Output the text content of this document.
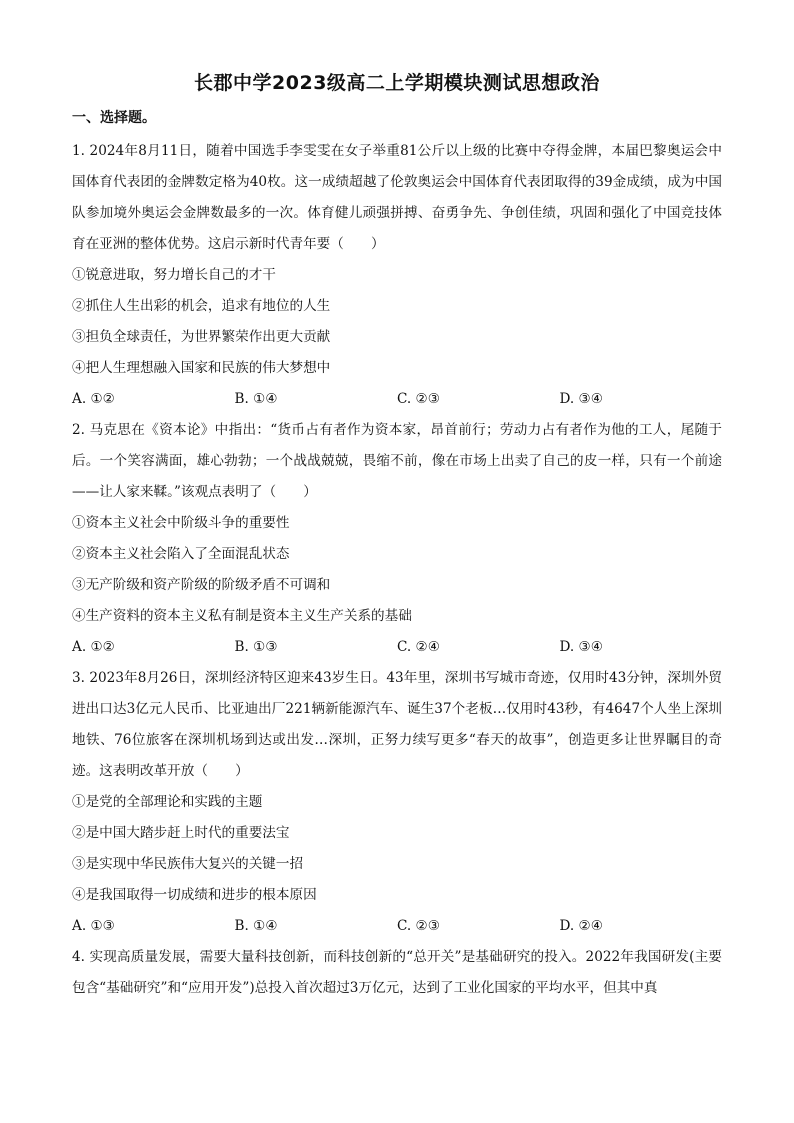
长郡中学2023级高二上学期模块测试思想政治
一、选择题。

1. 2024年8月11日，随着中国选手李雯雯在女子举重81公斤以上级的比赛中夺得金牌，本届巴黎奥运会中国体育代表团的金牌数定格为40枚。这一成绩超越了伦敦奥运会中国体育代表团取得的39金成绩，成为中国队参加境外奥运会金牌数最多的一次。体育健儿顽强拼搏、奋勇争先、争创佳绩，巩固和强化了中国竞技体育在亚洲的整体优势。这启示新时代青年要（　　）

①锐意进取，努力增长自己的才干

②抓住人生出彩的机会，追求有地位的人生

③担负全球责任，为世界繁荣作出更大贡献

④把人生理想融入国家和民族的伟大梦想中

A. ①②	B. ①④	C. ②③	D. ③④

2. 马克思在《资本论》中指出：“货币占有者作为资本家，昂首前行；劳动力占有者作为他的工人，尾随于后。一个笑容满面，雄心勃勃；一个战战兢兢，畏缩不前，像在市场上出卖了自己的皮一样，只有一个前途——让人家来鞣。”该观点表明了（　　）

①资本主义社会中阶级斗争的重要性

②资本主义社会陷入了全面混乱状态

③无产阶级和资产阶级的阶级矛盾不可调和

④生产资料的资本主义私有制是资本主义生产关系的基础

A. ①②	B. ①③	C. ②④	D. ③④

3. 2023年8月26日，深圳经济特区迎来43岁生日。43年里，深圳书写城市奇迹，仅用时43分钟，深圳外贸进出口达3亿元人民币、比亚迪出厂221辆新能源汽车、诞生37个老板…仅用时43秒，有4647个人坐上深圳地铁、76位旅客在深圳机场到达或出发…深圳，正努力续写更多“春天的故事”，创造更多让世界瞩目的奇迹。这表明改革开放（　　）

①是党的全部理论和实践的主题

②是中国大踏步赶上时代的重要法宝

③是实现中华民族伟大复兴的关键一招

④是我国取得一切成绩和进步的根本原因

A. ①③	B. ①④	C. ②③	D. ②④

4. 实现高质量发展，需要大量科技创新，而科技创新的“总开关”是基础研究的投入。2022年我国研发(主要包含“基础研究”和“应用开发”)总投入首次超过3万亿元，达到了工业化国家的平均水平，但其中真
